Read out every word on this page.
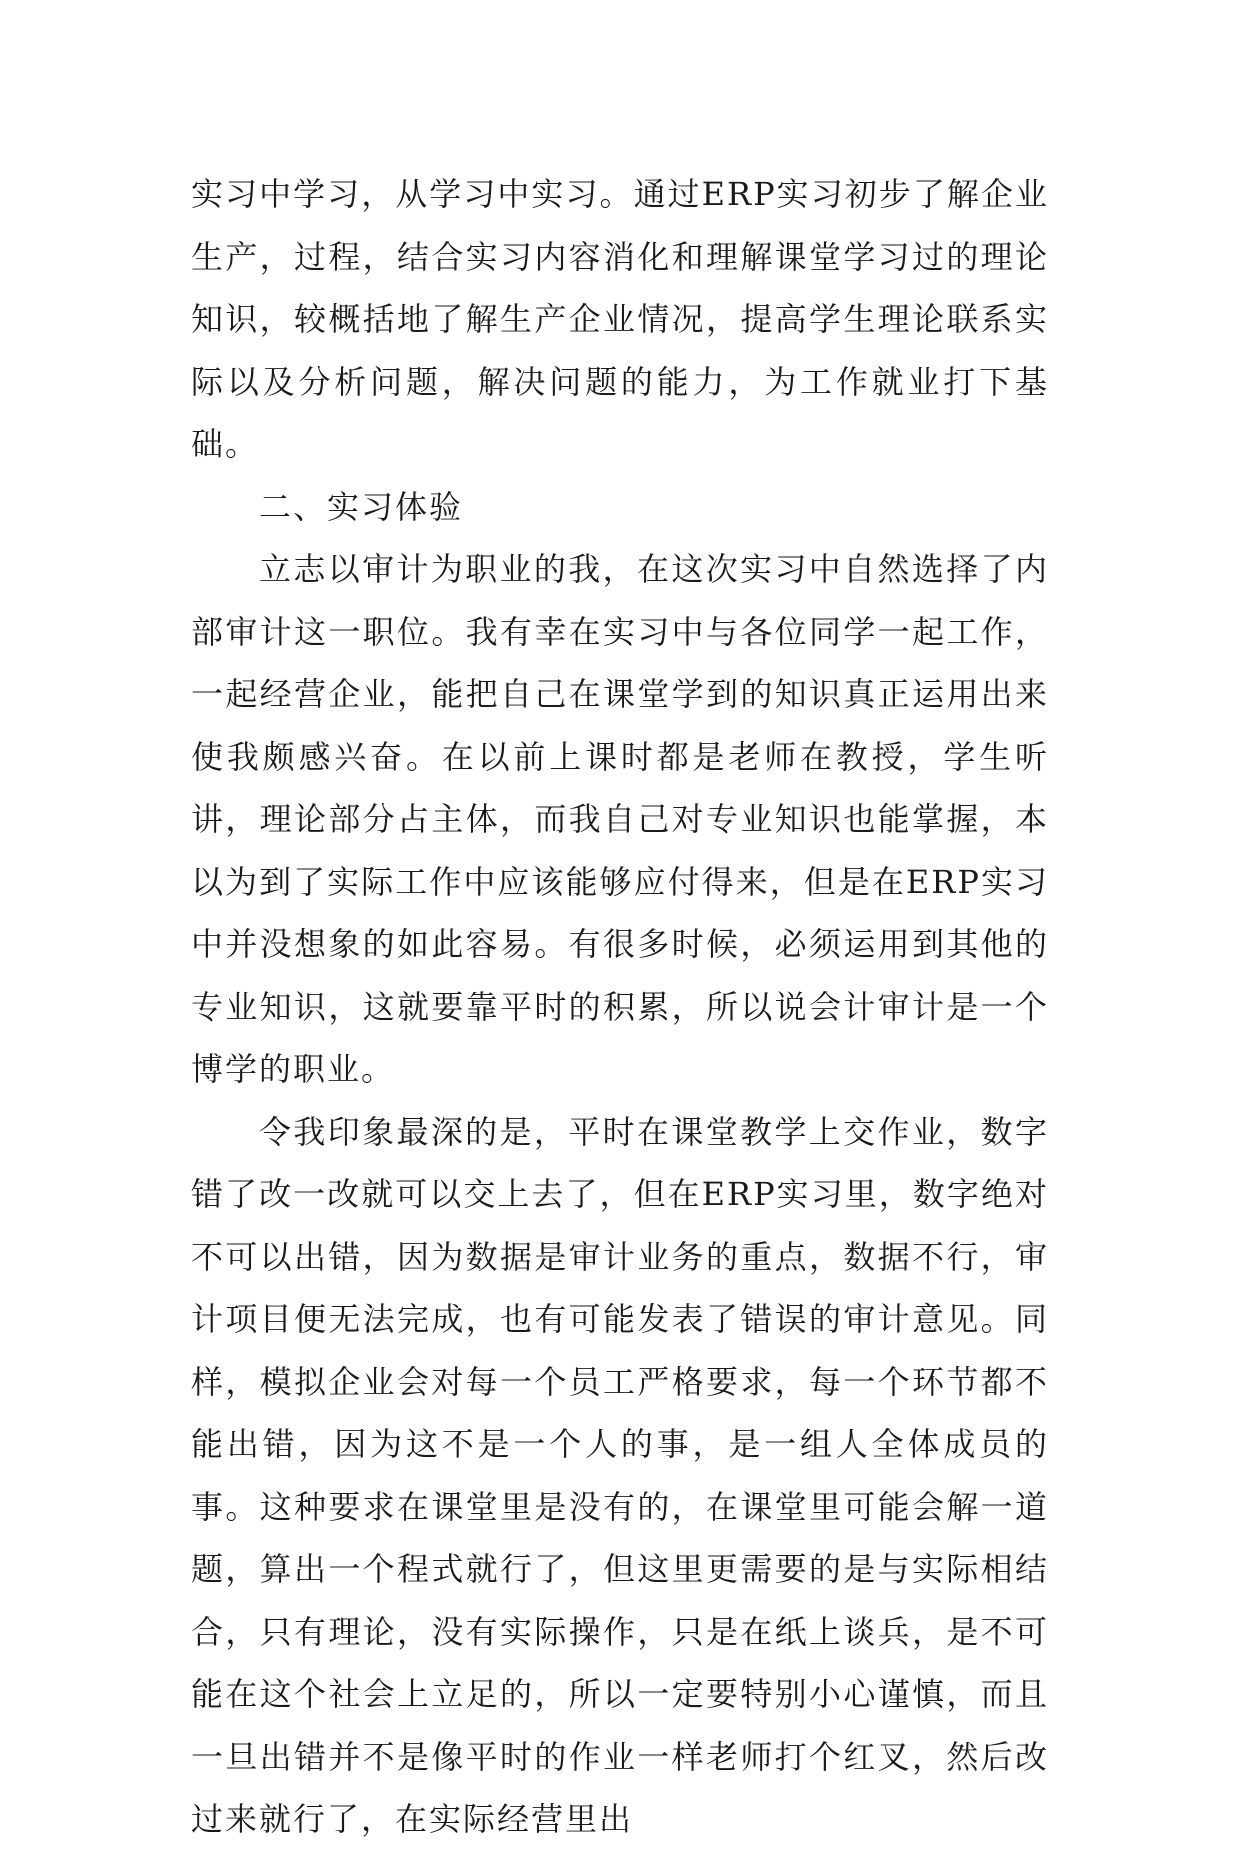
实习中学习，从学习中实习。通过ERP实习初步了解企业生产，过程，结合实习内容消化和理解课堂学习过的理论知识，较概括地了解生产企业情况，提高学生理论联系实际以及分析问题，解决问题的能力，为工作就业打下基础。

二、实习体验

立志以审计为职业的我，在这次实习中自然选择了内部审计这一职位。我有幸在实习中与各位同学一起工作，一起经营企业，能把自己在课堂学到的知识真正运用出来使我颇感兴奋。在以前上课时都是老师在教授，学生听讲，理论部分占主体，而我自己对专业知识也能掌握，本以为到了实际工作中应该能够应付得来，但是在ERP实习中并没想象的如此容易。有很多时候，必须运用到其他的专业知识，这就要靠平时的积累，所以说会计审计是一个博学的职业。

令我印象最深的是，平时在课堂教学上交作业，数字错了改一改就可以交上去了，但在ERP实习里，数字绝对不可以出错，因为数据是审计业务的重点，数据不行，审计项目便无法完成，也有可能发表了错误的审计意见。同样，模拟企业会对每一个员工严格要求，每一个环节都不能出错，因为这不是一个人的事，是一组人全体成员的事。这种要求在课堂里是没有的，在课堂里可能会解一道题，算出一个程式就行了，但这里更需要的是与实际相结合，只有理论，没有实际操作，只是在纸上谈兵，是不可能在这个社会上立足的，所以一定要特别小心谨慎，而且一旦出错并不是像平时的作业一样老师打个红叉，然后改过来就行了，在实际经营里出
